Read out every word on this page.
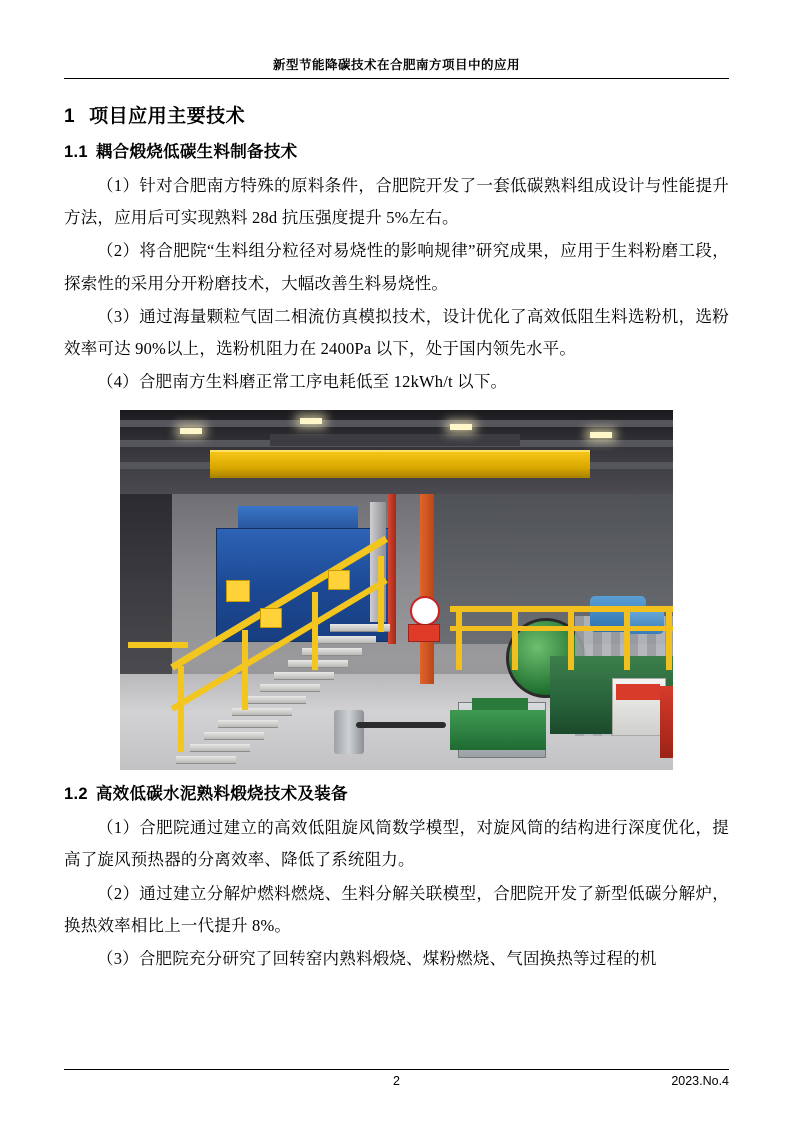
新型节能降碳技术在合肥南方项目中的应用
1 项目应用主要技术
1.1 耦合煅烧低碳生料制备技术

（1）针对合肥南方特殊的原料条件，合肥院开发了一套低碳熟料组成设计与性能提升方法，应用后可实现熟料 28d 抗压强度提升 5%左右。

（2）将合肥院“生料组分粒径对易烧性的影响规律”研究成果，应用于生料粉磨工段，探索性的采用分开粉磨技术，大幅改善生料易烧性。

（3）通过海量颗粒气固二相流仿真模拟技术，设计优化了高效低阻生料选粉机，选粉效率可达 90%以上，选粉机阻力在 2400Pa 以下，处于国内领先水平。

（4）合肥南方生料磨正常工序电耗低至 12kWh/t 以下。

1.2 高效低碳水泥熟料煅烧技术及装备

（1）合肥院通过建立的高效低阻旋风筒数学模型，对旋风筒的结构进行深度优化，提高了旋风预热器的分离效率、降低了系统阻力。

（2）通过建立分解炉燃料燃烧、生料分解关联模型，合肥院开发了新型低碳分解炉，换热效率相比上一代提升 8%。

（3）合肥院充分研究了回转窑内熟料煅烧、煤粉燃烧、气固换热等过程的机

2	2023.No.4
